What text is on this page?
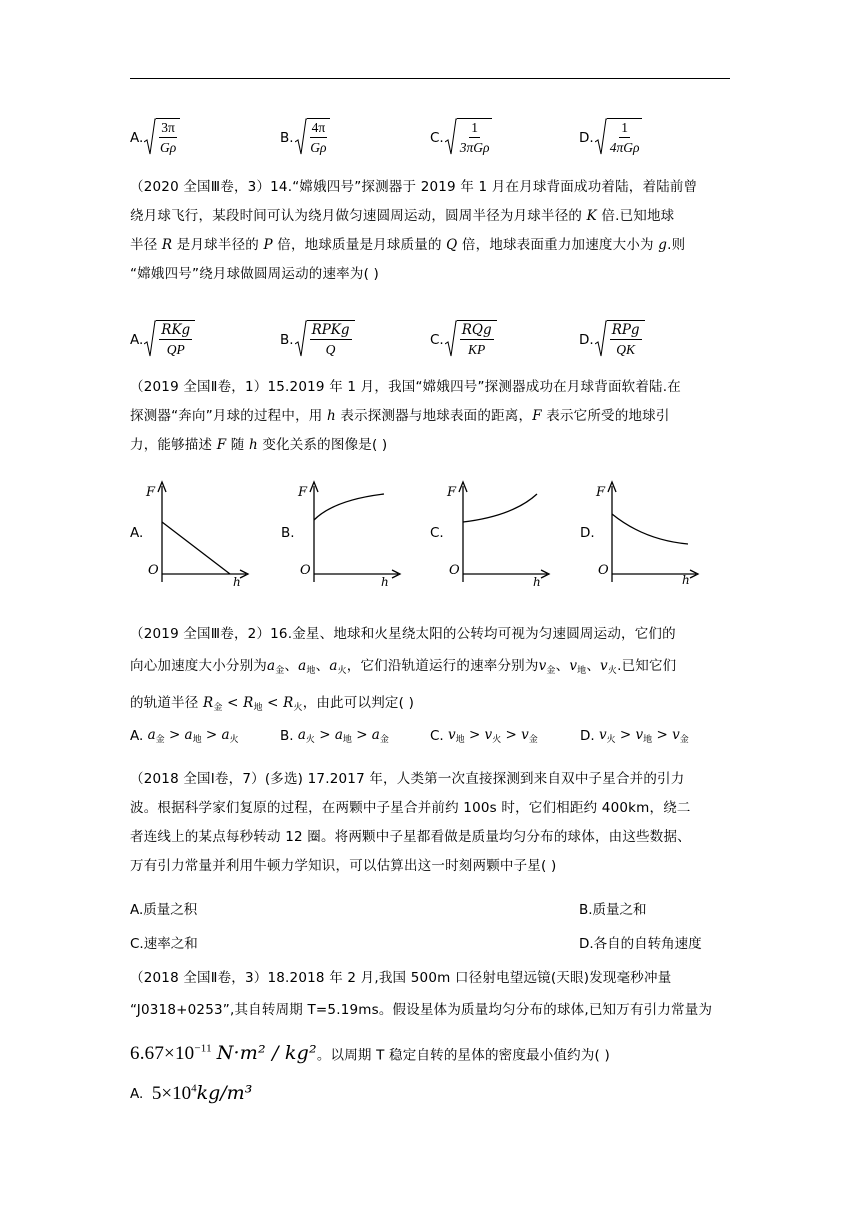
A. $\frac{3\pi}{G\rho}$	B. $\frac{4\pi}{G\rho}$	C. $\frac{1}{\text{3πGρ}}$	D. $\frac{1}{\text{4πGρ}}$
（2020 全国Ⅲ卷，3）14.“嫦娥四号”探测器于 2019 年 1 月在月球背面成功着陆，着陆前曾
绕月球飞行，某段时间可认为绕月做匀速圆周运动，圆周半径为月球半径的 K 倍.已知地球
半径 R 是月球半径的 P 倍，地球质量是月球质量的 Q 倍，地球表面重力加速度大小为 g.则
“嫦娥四号”绕月球做圆周运动的速率为( )
A. $\frac{\text{RKg}}{QP}$	B. $\frac{\text{RPKg}}{Q}$	C. $\frac{\text{RQg}}{KP}$	D. $\frac{\text{RPg}}{QK}$
（2019 全国Ⅱ卷，1）15.2019 年 1 月，我国“嫦娥四号”探测器成功在月球背面软着陆.在
探测器“奔向”月球的过程中，用 h 表示探测器与地球表面的距离，F 表示它所受的地球引
力，能够描述 F 随 h 变化关系的图像是( )
A.
F
O
h
B.
F
O
h
C.
F
O
h
D.
F
O
h
（2019 全国Ⅲ卷，2）16.金星、地球和火星绕太阳的公转均可视为匀速圆周运动，它们的
向心加速度大小分别为$a_金$、$a_地$、$a_火$，它们沿轨道运行的速率分别为$v_金$、$v_地$、$v_火$.已知它们
的轨道半径 $R_金 < R_地 < R_火$，由此可以判定( )
A. $a_金 > a_地 > a_火$	B. $a_火 > a_地 > a_金$	C. $v_地 > v_火 > v_金$	D. $v_火 > v_地 > v_金$
（2018 全国Ⅰ卷，7）(多选) 17.2017 年，人类第一次直接探测到来自双中子星合并的引力
波。根据科学家们复原的过程，在两颗中子星合并前约 100s 时，它们相距约 400km，绕二
者连线上的某点每秒转动 12 圈。将两颗中子星都看做是质量均匀分布的球体，由这些数据、
万有引力常量并利用牛顿力学知识，可以估算出这一时刻两颗中子星( )
A.质量之积	B.质量之和
C.速率之和	D.各自的自转角速度
（2018 全国Ⅱ卷，3）18.2018 年 2 月,我国 500m 口径射电望远镜(天眼)发现毫秒冲量
“J0318+0253”,其自转周期 T=5.19ms。假设星体为质量均匀分布的球体,已知万有引力常量为
$6.67\times 10^{-11}$ N·m² / kg²。以周期 T 稳定自转的星体的密度最小值约为( )
A.
$5\times 10^4kg/m^3$
